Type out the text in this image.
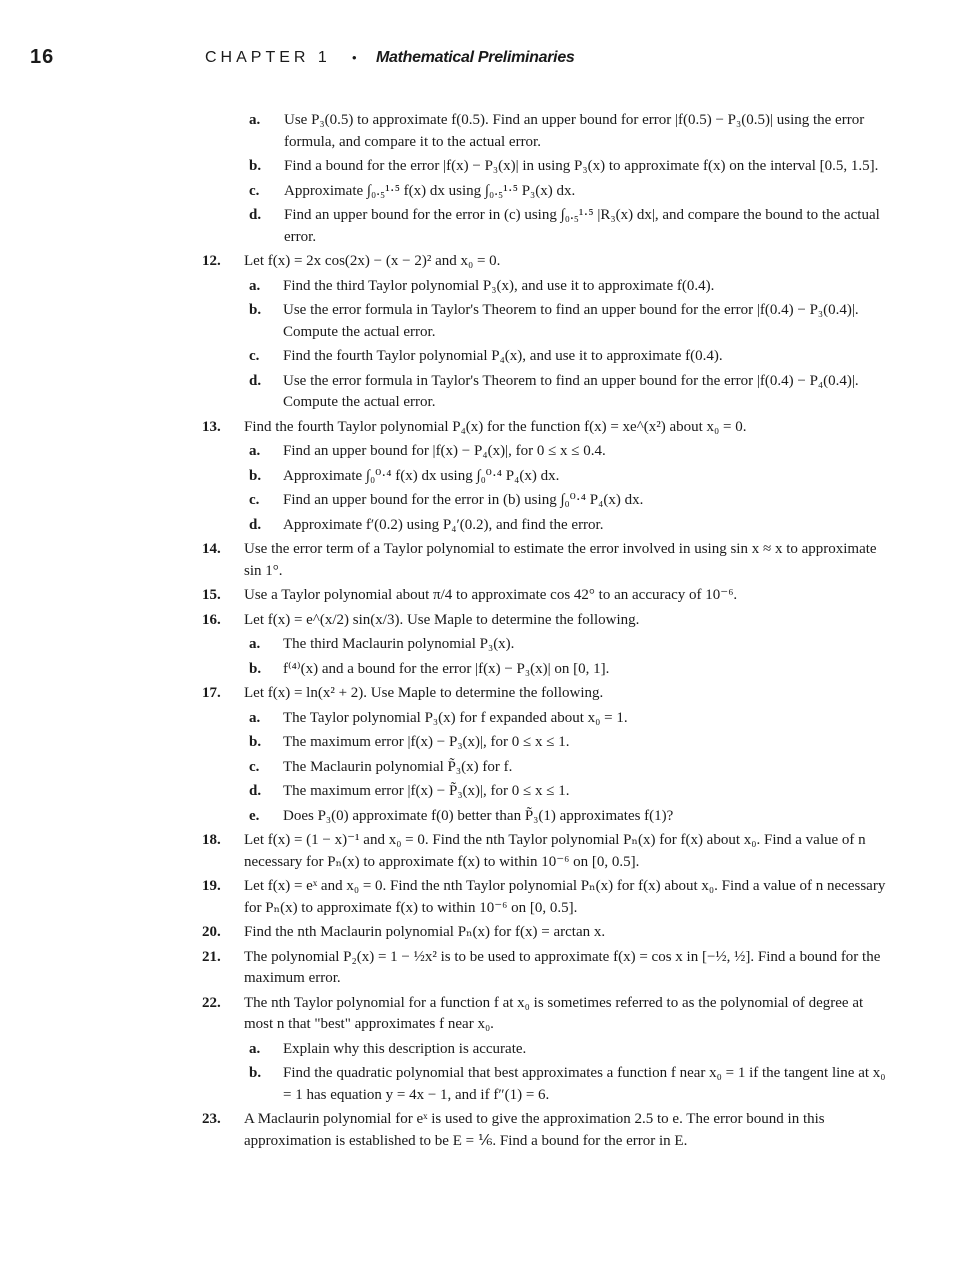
16	CHAPTER 1 • Mathematical Preliminaries
a. Use P₃(0.5) to approximate f(0.5). Find an upper bound for error |f(0.5) − P₃(0.5)| using the error formula, and compare it to the actual error.
b. Find a bound for the error |f(x) − P₃(x)| in using P₃(x) to approximate f(x) on the interval [0.5, 1.5].
c. Approximate ∫₀.₅¹·⁵ f(x) dx using ∫₀.₅¹·⁵ P₃(x) dx.
d. Find an upper bound for the error in (c) using ∫₀.₅¹·⁵ |R₃(x) dx|, and compare the bound to the actual error.
12. Let f(x) = 2x cos(2x) − (x − 2)² and x₀ = 0.
a. Find the third Taylor polynomial P₃(x), and use it to approximate f(0.4).
b. Use the error formula in Taylor's Theorem to find an upper bound for the error |f(0.4) − P₃(0.4)|. Compute the actual error.
c. Find the fourth Taylor polynomial P₄(x), and use it to approximate f(0.4).
d. Use the error formula in Taylor's Theorem to find an upper bound for the error |f(0.4) − P₄(0.4)|. Compute the actual error.
13. Find the fourth Taylor polynomial P₄(x) for the function f(x) = xe^(x²) about x₀ = 0.
a. Find an upper bound for |f(x) − P₄(x)|, for 0 ≤ x ≤ 0.4.
b. Approximate ∫₀⁰·⁴ f(x) dx using ∫₀⁰·⁴ P₄(x) dx.
c. Find an upper bound for the error in (b) using ∫₀⁰·⁴ P₄(x) dx.
d. Approximate f′(0.2) using P₄′(0.2), and find the error.
14. Use the error term of a Taylor polynomial to estimate the error involved in using sin x ≈ x to approximate sin 1°.
15. Use a Taylor polynomial about π/4 to approximate cos 42° to an accuracy of 10⁻⁶.
16. Let f(x) = e^(x/2) sin(x/3). Use Maple to determine the following.
a. The third Maclaurin polynomial P₃(x).
b. f⁽⁴⁾(x) and a bound for the error |f(x) − P₃(x)| on [0, 1].
17. Let f(x) = ln(x² + 2). Use Maple to determine the following.
a. The Taylor polynomial P₃(x) for f expanded about x₀ = 1.
b. The maximum error |f(x) − P₃(x)|, for 0 ≤ x ≤ 1.
c. The Maclaurin polynomial P̃₃(x) for f.
d. The maximum error |f(x) − P̃₃(x)|, for 0 ≤ x ≤ 1.
e. Does P₃(0) approximate f(0) better than P̃₃(1) approximates f(1)?
18. Let f(x) = (1 − x)⁻¹ and x₀ = 0. Find the nth Taylor polynomial Pₙ(x) for f(x) about x₀. Find a value of n necessary for Pₙ(x) to approximate f(x) to within 10⁻⁶ on [0, 0.5].
19. Let f(x) = eˣ and x₀ = 0. Find the nth Taylor polynomial Pₙ(x) for f(x) about x₀. Find a value of n necessary for Pₙ(x) to approximate f(x) to within 10⁻⁶ on [0, 0.5].
20. Find the nth Maclaurin polynomial Pₙ(x) for f(x) = arctan x.
21. The polynomial P₂(x) = 1 − ½x² is to be used to approximate f(x) = cos x in [−½, ½]. Find a bound for the maximum error.
22. The nth Taylor polynomial for a function f at x₀ is sometimes referred to as the polynomial of degree at most n that "best" approximates f near x₀.
a. Explain why this description is accurate.
b. Find the quadratic polynomial that best approximates a function f near x₀ = 1 if the tangent line at x₀ = 1 has equation y = 4x − 1, and if f″(1) = 6.
23. A Maclaurin polynomial for eˣ is used to give the approximation 2.5 to e. The error bound in this approximation is established to be E = ⅙. Find a bound for the error in E.
